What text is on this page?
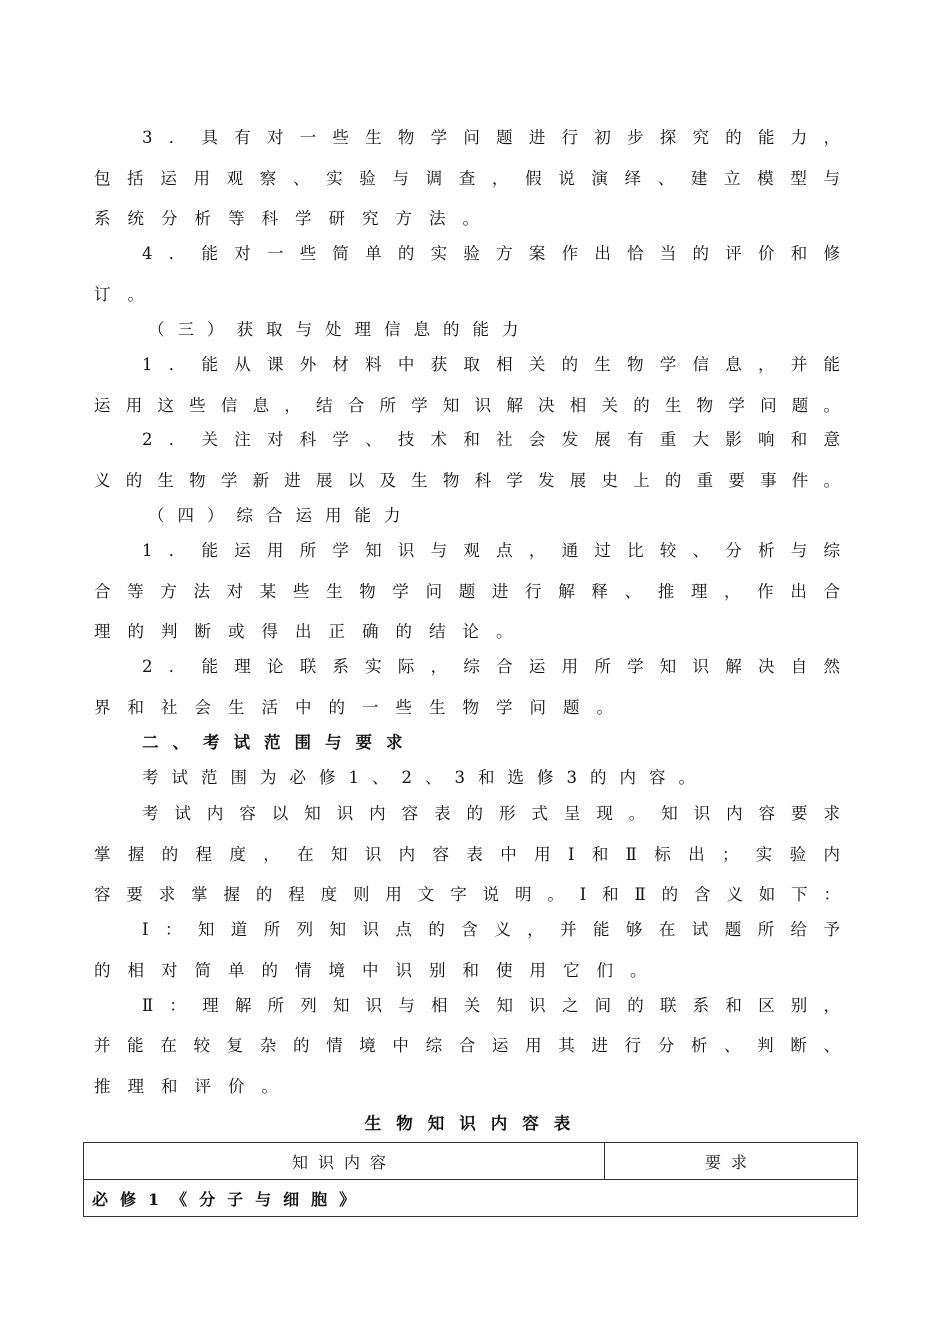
3．具有对一些生物学问题进行初步探究的能力，
包括运用观察、实验与调查，假说演绎、建立模型与
系统分析等科学研究方法。
4．能对一些简单的实验方案作出恰当的评价和修
订。
（三）获取与处理信息的能力
1．能从课外材料中获取相关的生物学信息，并能
运用这些信息，结合所学知识解决相关的生物学问题。
2．关注对科学、技术和社会发展有重大影响和意
义的生物学新进展以及生物科学发展史上的重要事件。
（四）综合运用能力
1．能运用所学知识与观点，通过比较、分析与综
合等方法对某些生物学问题进行解释、推理，作出合
理的判断或得出正确的结论。
2．能理论联系实际，综合运用所学知识解决自然
界和社会生活中的一些生物学问题。
二、考试范围与要求
考试范围为必修1、2、3和选修3的内容。
考试内容以知识内容表的形式呈现。知识内容要求
掌握的程度，在知识内容表中用Ⅰ和Ⅱ标出；实验内
容要求掌握的程度则用文字说明。Ⅰ和Ⅱ的含义如下：
Ⅰ：知道所列知识点的含义，并能够在试题所给予
的相对简单的情境中识别和使用它们。
Ⅱ：理解所列知识与相关知识之间的联系和区别，
并能在较复杂的情境中综合运用其进行分析、判断、
推理和评价。
生物知识内容表
知识内容	要求
必修1《分子与细胞》
